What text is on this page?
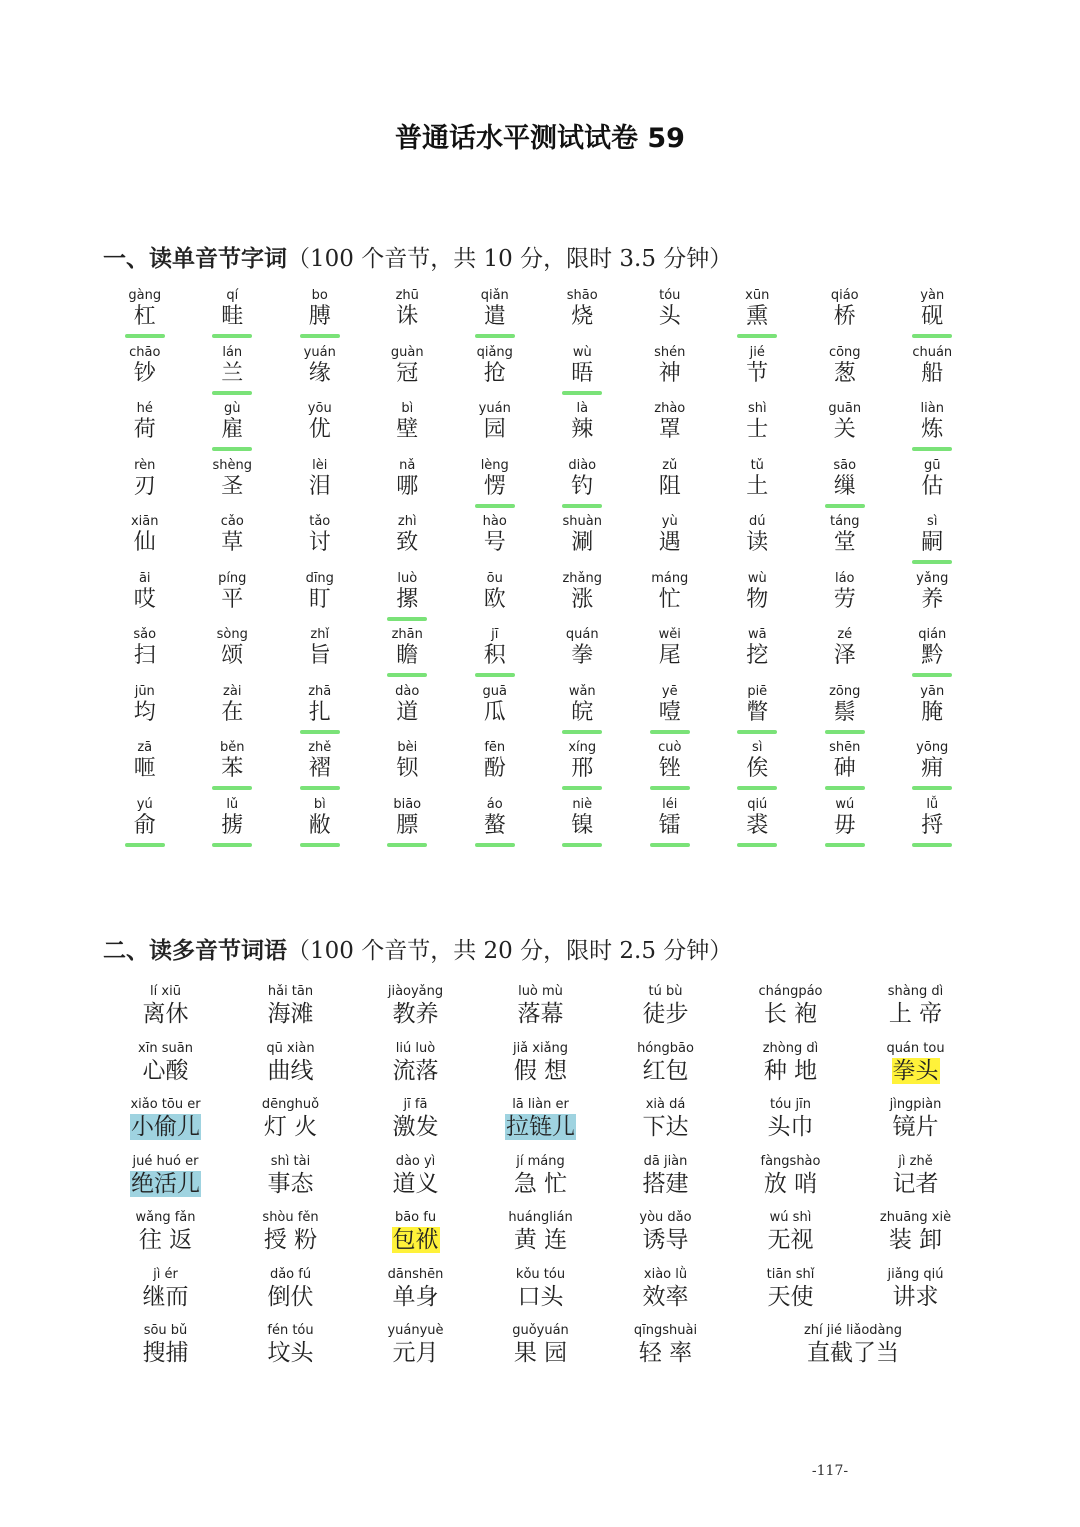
普通话水平测试试卷 59
一、读单音节字词（100 个音节，共 10 分，限时 3.5 分钟）
gàng
杠
qí
畦
bo
膊
zhū
诛
qiǎn
遣
shāo
烧
tóu
头
xūn
熏
qiáo
桥
yàn
砚
chāo
钞
lán
兰
yuán
缘
guàn
冠
qiǎng
抢
wù
晤
shén
神
jié
节
cōng
葱
chuán
船
hé
荷
gù
雇
yōu
优
bì
壁
yuán
园
là
辣
zhào
罩
shì
士
guān
关
liàn
炼
rèn
刃
shèng
圣
lèi
泪
nǎ
哪
lèng
愣
diào
钓
zǔ
阻
tǔ
土
sāo
缫
gū
估
xiān
仙
cǎo
草
tǎo
讨
zhì
致
hào
号
shuàn
涮
yù
遇
dú
读
táng
堂
sì
嗣
āi
哎
píng
平
dīng
盯
luò
摞
ōu
欧
zhǎng
涨
máng
忙
wù
物
láo
劳
yǎng
养
sǎo
扫
sòng
颂
zhǐ
旨
zhān
瞻
jī
积
quán
拳
wěi
尾
wā
挖
zé
泽
qián
黔
jūn
均
zài
在
zhā
扎
dào
道
guā
瓜
wǎn
皖
yē
噎
piē
瞥
zōng
鬃
yān
腌
zā
咂
běn
苯
zhě
褶
bèi
钡
fēn
酚
xíng
邢
cuò
锉
sì
俟
shēn
砷
yōng
痈
yú
俞
lǔ
掳
bì
敝
biāo
膘
áo
螯
niè
镍
léi
镭
qiú
裘
wú
毋
lǚ
捋
二、读多音节词语（100 个音节，共 20 分，限时 2.5 分钟）
lí xiū
离休
hǎi tān
海滩
jiàoyǎng
教养
luò mù
落幕
tú bù
徒步
chángpáo
长 袍
shàng dì
上 帝
xīn suān
心酸
qū xiàn
曲线
liú luò
流落
jiǎ xiǎng
假 想
hóngbāo
红包
zhòng dì
种 地
quán tou
拳头
xiǎo tōu er
小偷儿
dēnghuǒ
灯 火
jī fā
激发
lā liàn er
拉链儿
xià dá
下达
tóu jīn
头巾
jìngpiàn
镜片
jué huó er
绝活儿
shì tài
事态
dào yì
道义
jí máng
急 忙
dā jiàn
搭建
fàngshào
放 哨
jì zhě
记者
wǎng fǎn
往 返
shòu fěn
授 粉
bāo fu
包袱
huánglián
黄 连
yòu dǎo
诱导
wú shì
无视
zhuāng xiè
装 卸
jì ér
继而
dǎo fú
倒伏
dānshēn
单身
kǒu tóu
口头
xiào lǜ
效率
tiān shǐ
天使
jiǎng qiú
讲求
sōu bǔ
搜捕
fén tóu
坟头
yuányuè
元月
guǒyuán
果 园
qīngshuài
轻 率
zhí jié liǎodàng
直截了当
-117-
